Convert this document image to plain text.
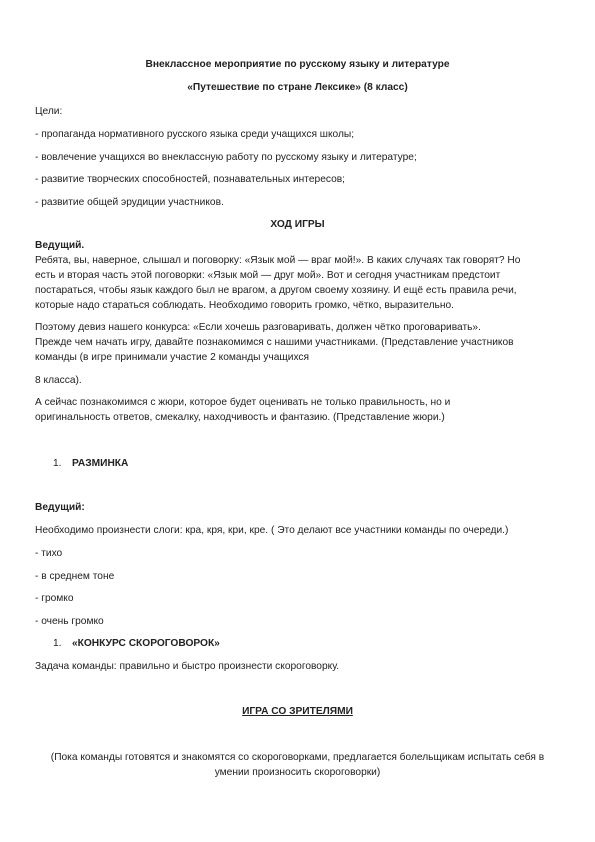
Внеклассное мероприятие по русскому языку и литературе
«Путешествие по стране Лексике» (8 класс)
Цели:
- пропаганда нормативного русского языка среди учащихся школы;
- вовлечение учащихся во внеклассную работу по русскому языку и литературе;
- развитие творческих способностей, познавательных интересов;
- развитие общей эрудиции участников.
ХОД ИГРЫ
Ведущий.
Ребята, вы, наверное, слышал и поговорку: «Язык мой — враг мой!». В каких случаях так говорят? Но
есть и вторая часть этой поговорки: «Язык мой — друг мой». Вот и сегодня участникам предстоит
постараться, чтобы язык каждого был не врагом, а другом своему хозяину. И ещё есть правила речи,
которые надо стараться соблюдать. Необходимо говорить громко, чётко, выразительно.
Поэтому девиз нашего конкурса: «Если хочешь разговаривать, должен чётко проговаривать».
Прежде чем начать игру, давайте познакомимся с нашими участниками. (Представление участников
команды (в игре принимали участие 2 команды учащихся
8 класса).
А сейчас познакомимся с жюри, которое будет оценивать не только правильность, но и
оригинальность ответов, смекалку, находчивость и фантазию. (Представление жюри.)
1. РАЗМИНКА
Ведущий:
Необходимо произнести слоги: кра, кря, кри, кре. ( Это делают все участники команды по очереди.)
- тихо
- в среднем тоне
- громко
- очень громко
1. «КОНКУРС СКОРОГОВОРОК»
Задача команды: правильно и быстро произнести скороговорку.
ИГРА СО ЗРИТЕЛЯМИ
(Пока команды готовятся и знакомятся со скороговорками, предлагается болельщикам испытать себя в
умении произносить скороговорки)
